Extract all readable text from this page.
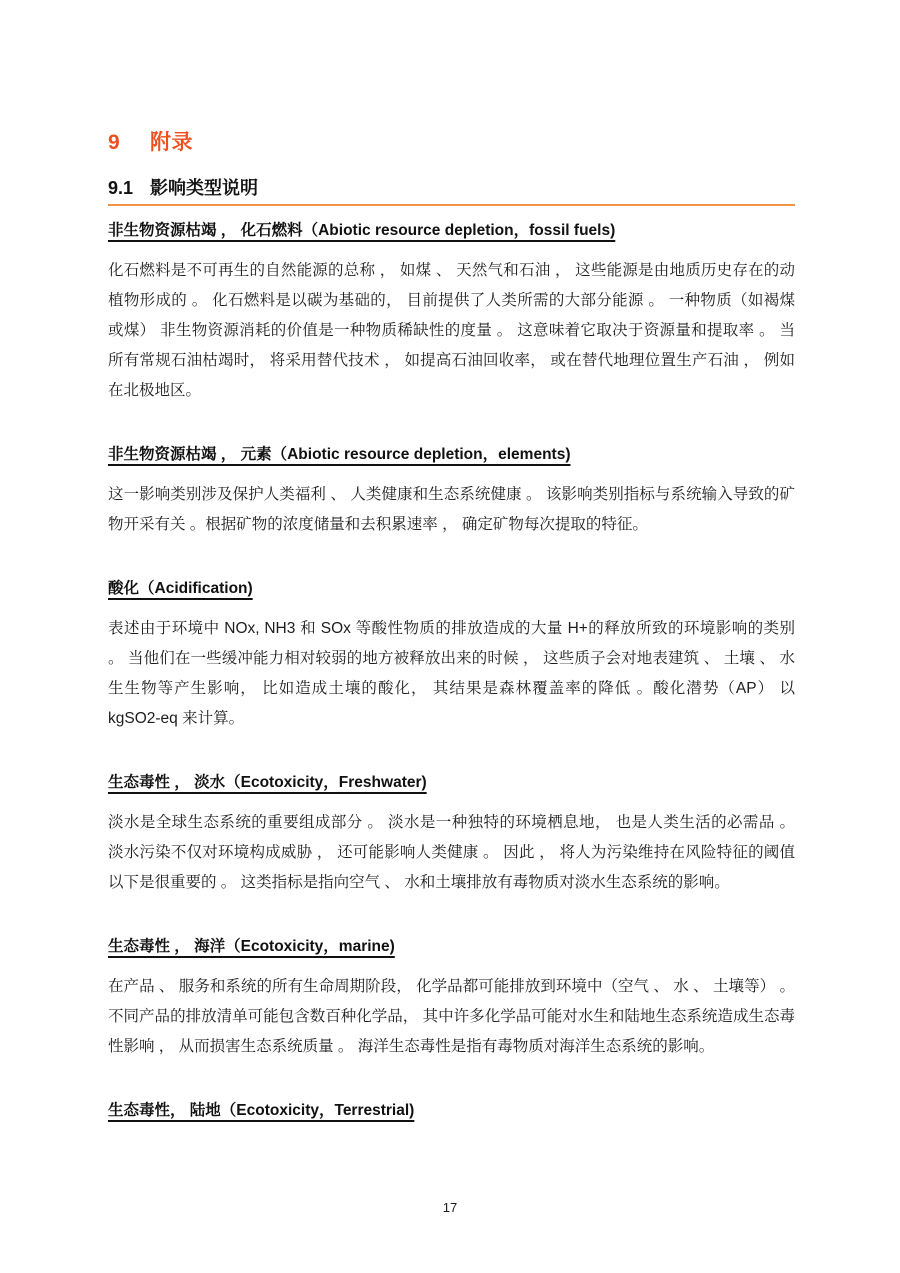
9 附录
9.1 影响类型说明
非生物资源枯竭 ， 化石燃料（Abiotic resource depletion，fossil fuels)

化石燃料是不可再生的自然能源的总称 ， 如煤 、 天然气和石油 ， 这些能源是由地质历史存在的动植物形成的 。 化石燃料是以碳为基础的， 目前提供了人类所需的大部分能源 。 一种物质（如褐煤或煤） 非生物资源消耗的价值是一种物质稀缺性的度量 。 这意味着它取决于资源量和提取率 。 当所有常规石油枯竭时， 将采用替代技术 ， 如提高石油回收率， 或在替代地理位置生产石油 ， 例如在北极地区。

非生物资源枯竭 ， 元素（Abiotic resource depletion，elements)

这一影响类别涉及保护人类福利 、 人类健康和生态系统健康 。 该影响类别指标与系统输入导致的矿物开采有关 。根据矿物的浓度储量和去积累速率 ， 确定矿物每次提取的特征。

酸化（Acidification)

表述由于环境中 NOx, NH3 和 SOx 等酸性物质的排放造成的大量 H+的释放所致的环境影响的类别 。 当他们在一些缓冲能力相对较弱的地方被释放出来的时候 ， 这些质子会对地表建筑 、 土壤 、 水生生物等产生影响， 比如造成土壤的酸化， 其结果是森林覆盖率的降低 。酸化潜势（AP） 以 kgSO2-eq 来计算。

生态毒性 ， 淡水（Ecotoxicity，Freshwater)

淡水是全球生态系统的重要组成部分 。 淡水是一种独特的环境栖息地， 也是人类生活的必需品 。 淡水污染不仅对环境构成威胁 ， 还可能影响人类健康 。 因此 ， 将人为污染维持在风险特征的阈值以下是很重要的 。 这类指标是指向空气 、 水和土壤排放有毒物质对淡水生态系统的影响。

生态毒性 ， 海洋（Ecotoxicity，marine)

在产品 、 服务和系统的所有生命周期阶段， 化学品都可能排放到环境中（空气 、 水 、 土壤等） 。 不同产品的排放清单可能包含数百种化学品， 其中许多化学品可能对水生和陆地生态系统造成生态毒性影响 ， 从而损害生态系统质量 。 海洋生态毒性是指有毒物质对海洋生态系统的影响。

生态毒性， 陆地（Ecotoxicity，Terrestrial)
17
